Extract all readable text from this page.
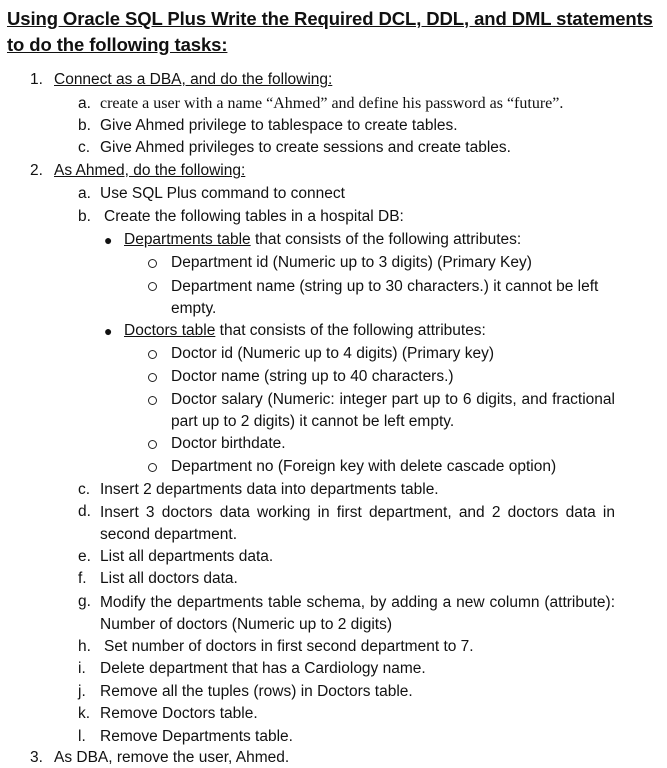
Using Oracle SQL Plus Write the Required DCL, DDL, and DML statements to do the following tasks:
1. Connect as a DBA, and do the following:
a. create a user with a name “Ahmed” and define his password as “future”.
b. Give Ahmed privilege to tablespace to create tables.
c. Give Ahmed privileges to create sessions and create tables.
2. As Ahmed, do the following:
a. Use SQL Plus command to connect
b. Create the following tables in a hospital DB:
● Departments table that consists of the following attributes:
Department id (Numeric up to 3 digits) (Primary Key)
Department name (string up to 30 characters.) it cannot be left empty.
● Doctors table that consists of the following attributes:
Doctor id (Numeric up to 4 digits) (Primary key)
Doctor name (string up to 40 characters.)
Doctor salary (Numeric: integer part up to 6 digits, and fractional part up to 2 digits) it cannot be left empty.
Doctor birthdate.
Department no (Foreign key with delete cascade option)
c. Insert 2 departments data into departments table.
d. Insert 3 doctors data working in first department, and 2 doctors data in second department.
e. List all departments data.
f. List all doctors data.
g. Modify the departments table schema, by adding a new column (attribute): Number of doctors (Numeric up to 2 digits)
h. Set number of doctors in first second department to 7.
i. Delete department that has a Cardiology name.
j. Remove all the tuples (rows) in Doctors table.
k. Remove Doctors table.
l. Remove Departments table.
3. As DBA, remove the user, Ahmed.
